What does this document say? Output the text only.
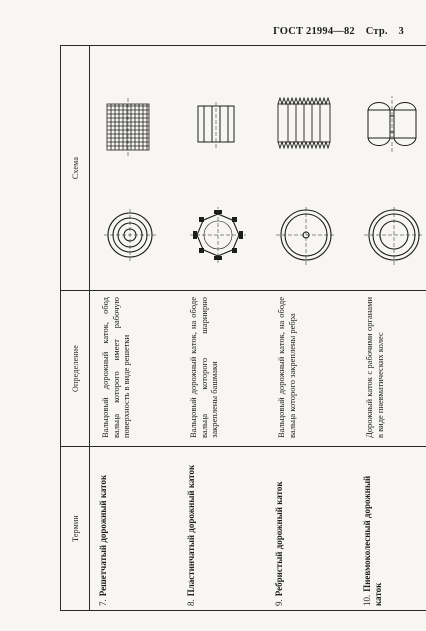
ГОСТ 21994—82 Стр. 3
Термин	Определение	Схема
7.Решетчатый дорожный каток	Вальцовый дорожный каток, обод вальца которого имеет рабочую поверхность в виде решетки	

8.Пластинчатый дорожный каток	Вальцовый дорожный каток, на ободе вальца которого шарнирно закреплены башмаки	

9.Ребристый дорожный каток	Вальцовый дорожный каток, на ободе вальца которого закреплены ребра	

10.Пневмоколесный дорожный каток	Дорожный каток с рабочими органами в виде пневматических колес	
